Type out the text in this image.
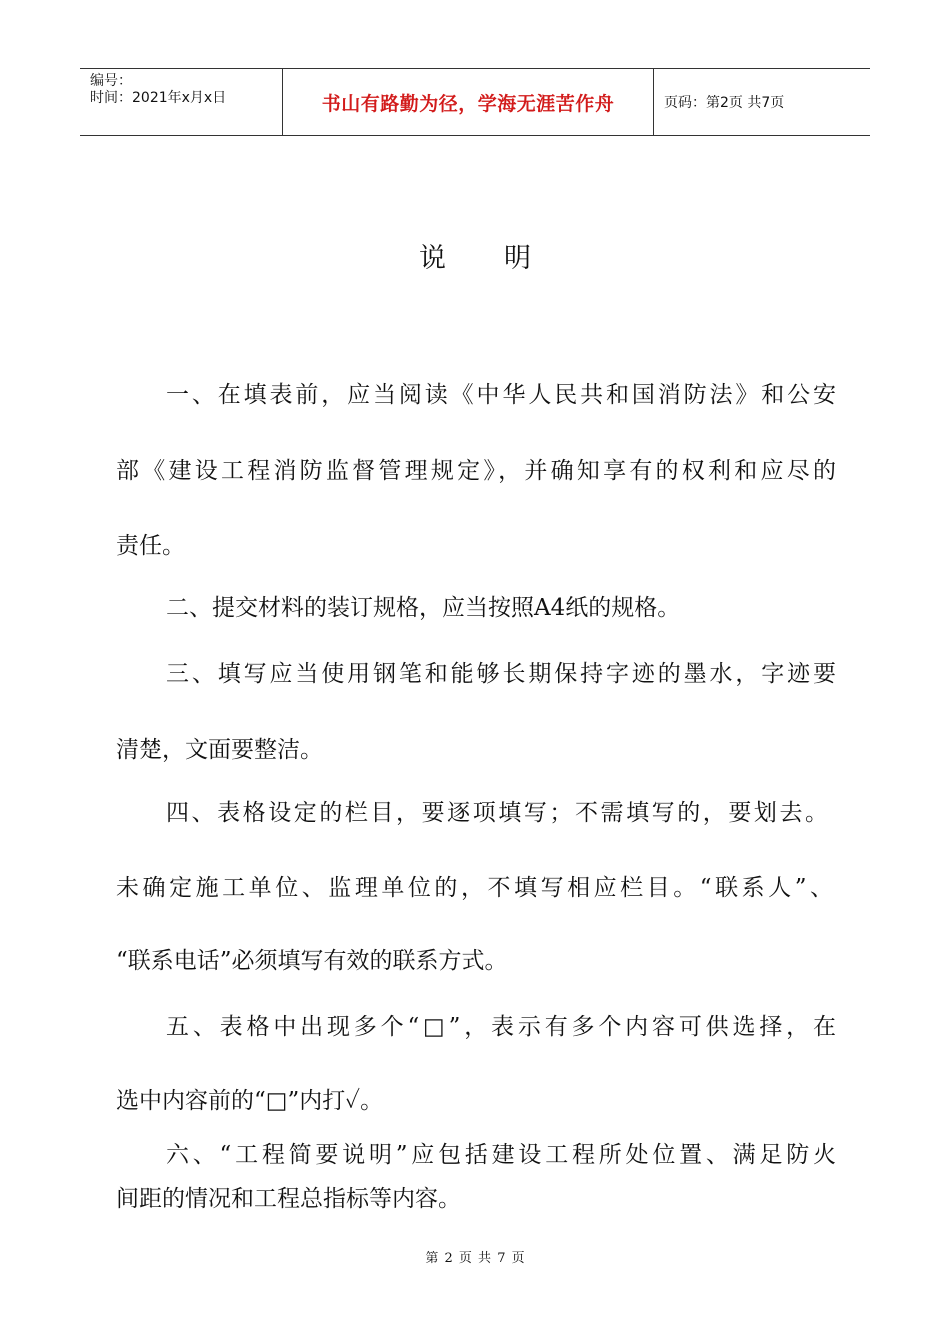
编号：
时间：2021年x月x日	书山有路勤为径，学海无涯苦作舟	页码：第2页 共7页
说明
一、在填表前，应当阅读《中华人民共和国消防法》和公安
部《建设工程消防监督管理规定》，并确知享有的权利和应尽的
责任。
二、提交材料的装订规格，应当按照A4纸的规格。
三、填写应当使用钢笔和能够长期保持字迹的墨水，字迹要
清楚，文面要整洁。
四、表格设定的栏目，要逐项填写；不需填写的，要划去。
未确定施工单位、监理单位的，不填写相应栏目。“联系人”、
“联系电话”必须填写有效的联系方式。
五、表格中出现多个“□”，表示有多个内容可供选择，在
选中内容前的“□”内打✓。
六、“工程简要说明”应包括建设工程所处位置、满足防火
间距的情况和工程总指标等内容。
第 2 页 共 7 页
